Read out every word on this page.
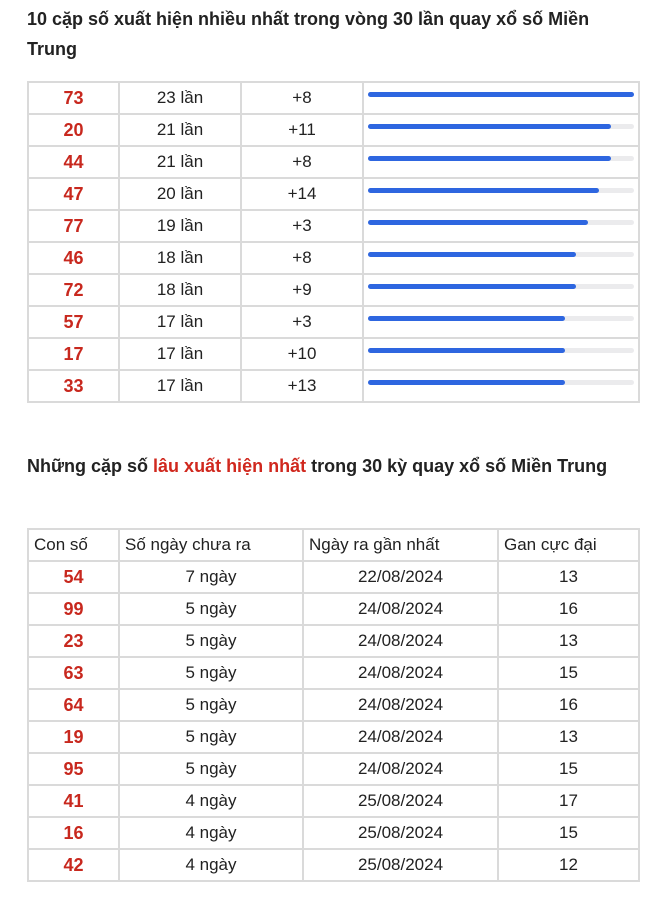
10 cặp số xuất hiện nhiều nhất trong vòng 30 lần quay xổ số Miền Trung
73	23 lần	+8	

20	21 lần	+11	

44	21 lần	+8	

47	20 lần	+14	

77	19 lần	+3	

46	18 lần	+8	

72	18 lần	+9	

57	17 lần	+3	

17	17 lần	+10	

33	17 lần	+13	
Những cặp số lâu xuất hiện nhất trong 30 kỳ quay xổ số Miền Trung
Con số	Số ngày chưa ra	Ngày ra gần nhất	Gan cực đại
54	7 ngày	22/08/2024	13
99	5 ngày	24/08/2024	16
23	5 ngày	24/08/2024	13
63	5 ngày	24/08/2024	15
64	5 ngày	24/08/2024	16
19	5 ngày	24/08/2024	13
95	5 ngày	24/08/2024	15
41	4 ngày	25/08/2024	17
16	4 ngày	25/08/2024	15
42	4 ngày	25/08/2024	12
